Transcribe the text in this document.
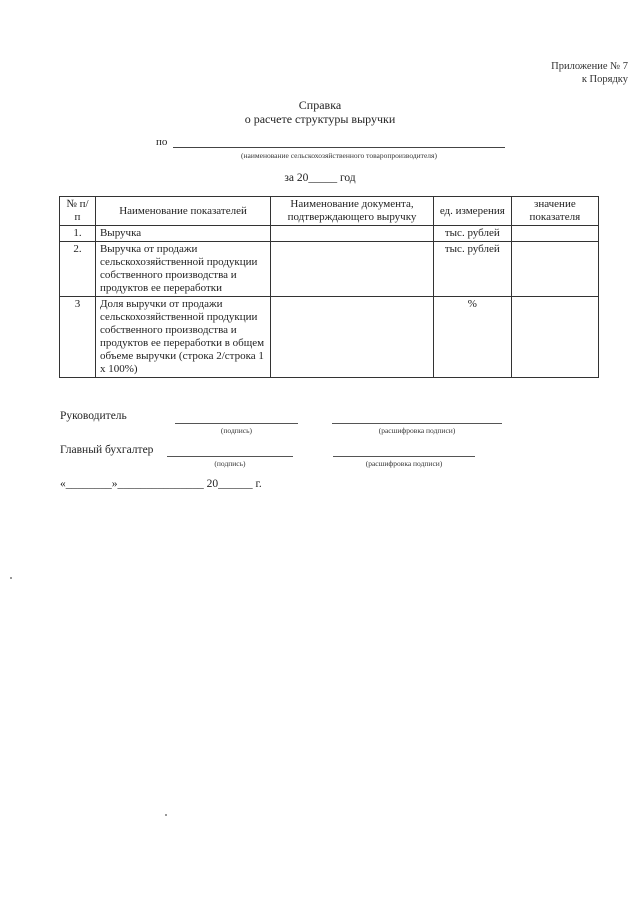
Приложение № 7
к Порядку
Справка
о расчете структуры выручки
по
(наименование сельскохозяйственного товаропроизводителя)
за 20_____ год
№ п/п	Наименование показателей	Наименование документа, подтверждающего выручку	ед. измерения	значение показателя
1.	Выручка		тыс. рублей	
2.	Выручка от продажи сельскохозяйственной продукции собственного производства и продуктов ее переработки		тыс. рублей	
3	Доля выручки от продажи сельскохозяйственной продукции собственного производства и продуктов ее переработки в общем объеме выручки (строка 2/строка 1 х 100%)		%	
Руководитель
(подпись)	(расшифровка подписи)
Главный бухгалтер
(подпись)	(расшифровка подписи)
«________»_______________ 20______ г.
